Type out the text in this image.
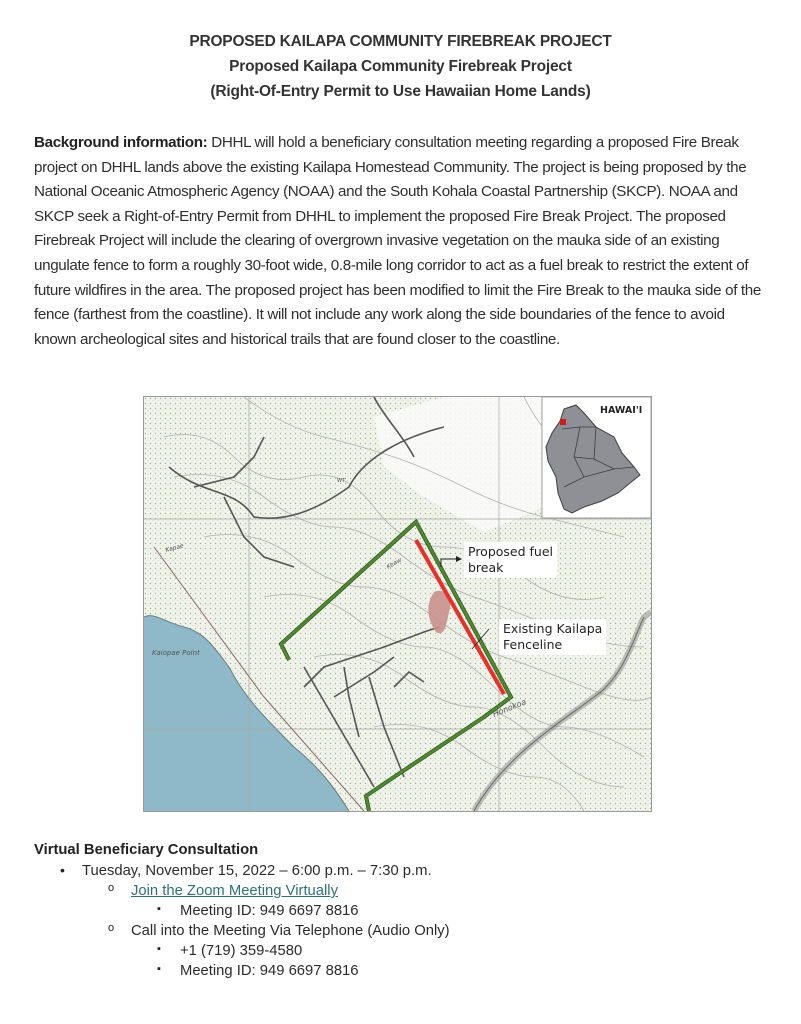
PROPOSED KAILAPA COMMUNITY FIREBREAK PROJECT
Proposed Kailapa Community Firebreak Project
(Right-Of-Entry Permit to Use Hawaiian Home Lands)
Background information: DHHL will hold a beneficiary consultation meeting regarding a proposed Fire Break project on DHHL lands above the existing Kailapa Homestead Community. The project is being proposed by the National Oceanic Atmospheric Agency (NOAA) and the South Kohala Coastal Partnership (SKCP). NOAA and SKCP seek a Right-of-Entry Permit from DHHL to implement the proposed Fire Break Project. The proposed Firebreak Project will include the clearing of overgrown invasive vegetation on the mauka side of an existing ungulate fence to form a roughly 30-foot wide, 0.8-mile long corridor to act as a fuel break to restrict the extent of future wildfires in the area. The proposed project has been modified to limit the Fire Break to the mauka side of the fence (farthest from the coastline). It will not include any work along the side boundaries of the fence to avoid known archeological sites and historical trails that are found closer to the coastline.
Kaiopae Point
Honokoa
Kapae
Keaw
WT
HAWAI'I
Proposed fuel
break
Existing Kailapa
Fenceline
Virtual Beneficiary Consultation
• Tuesday, November 15, 2022 – 6:00 p.m. – 7:30 p.m.
o Join the Zoom Meeting Virtually
▪ Meeting ID: 949 6697 8816
o Call into the Meeting Via Telephone (Audio Only)
▪ +1 (719) 359-4580
▪ Meeting ID: 949 6697 8816
